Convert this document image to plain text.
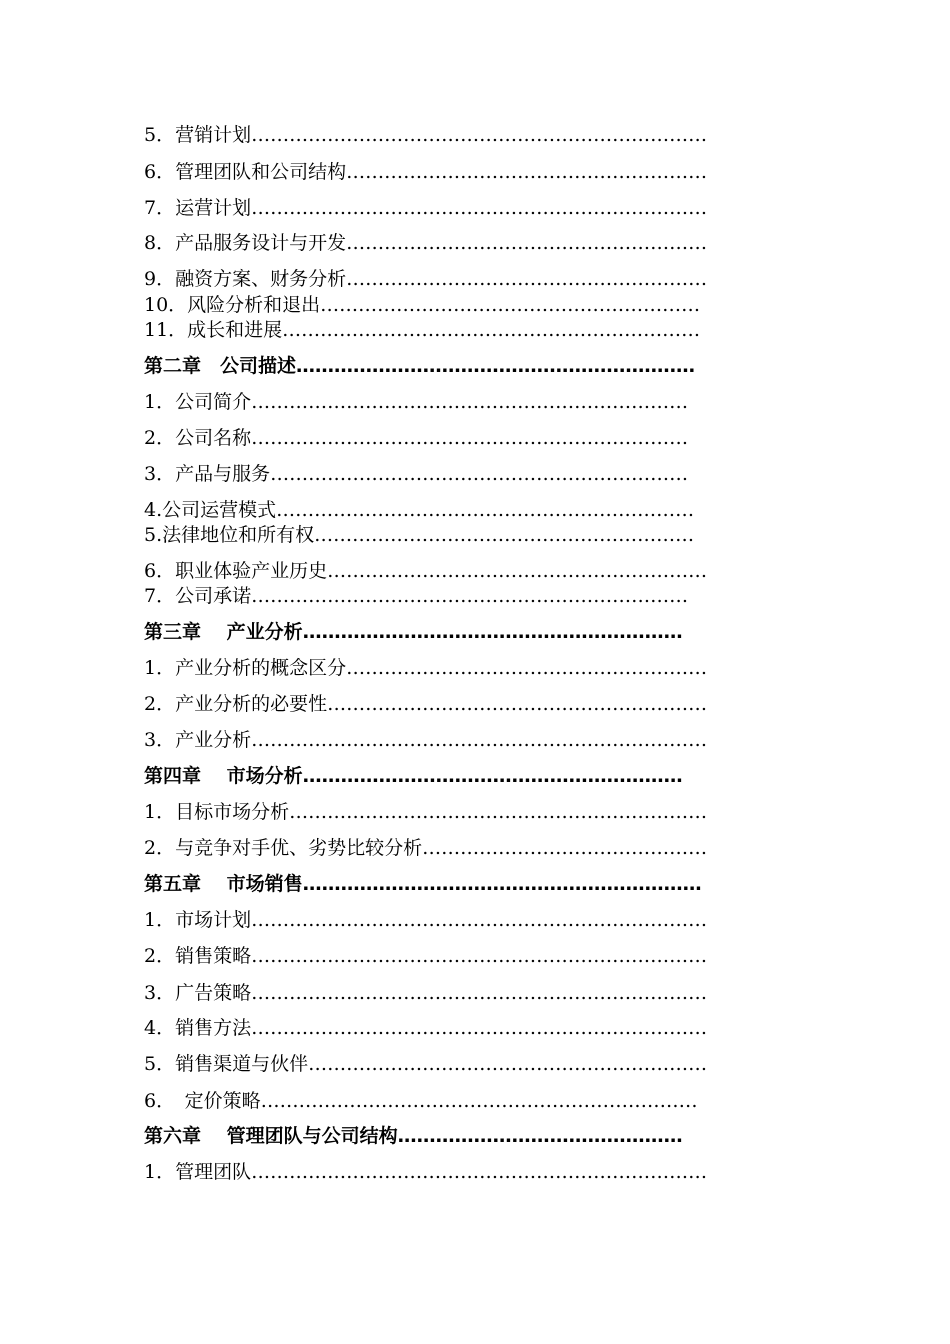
5．营销计划………………………………………………………………
6．管理团队和公司结构…………………………………………………
7．运营计划………………………………………………………………
8．产品服务设计与开发…………………………………………………
9．融资方案、财务分析…………………………………………………
10．风险分析和退出……………………………………………………
11．成长和进展…………………………………………………………
第二章　公司描述………………………………………………………
1．公司简介……………………………………………………………
2．公司名称……………………………………………………………
3．产品与服务…………………………………………………………
4.公司运营模式…………………………………………………………
5.法律地位和所有权……………………………………………………
6．职业体验产业历史……………………………………………………
7．公司承诺……………………………………………………………
第三章　 产业分析……………………………………………………
1．产业分析的概念区分…………………………………………………
2．产业分析的必要性……………………………………………………
3．产业分析………………………………………………………………
第四章　 市场分析……………………………………………………
1．目标市场分析…………………………………………………………
2．与竞争对手优、劣势比较分析………………………………………
第五章　 市场销售………………………………………………………
1．市场计划………………………………………………………………
2．销售策略………………………………………………………………
3．广告策略………………………………………………………………
4．销售方法………………………………………………………………
5．销售渠道与伙伴………………………………………………………
6．　定价策略……………………………………………………………
第六章　 管理团队与公司结构………………………………………
1．管理团队………………………………………………………………
